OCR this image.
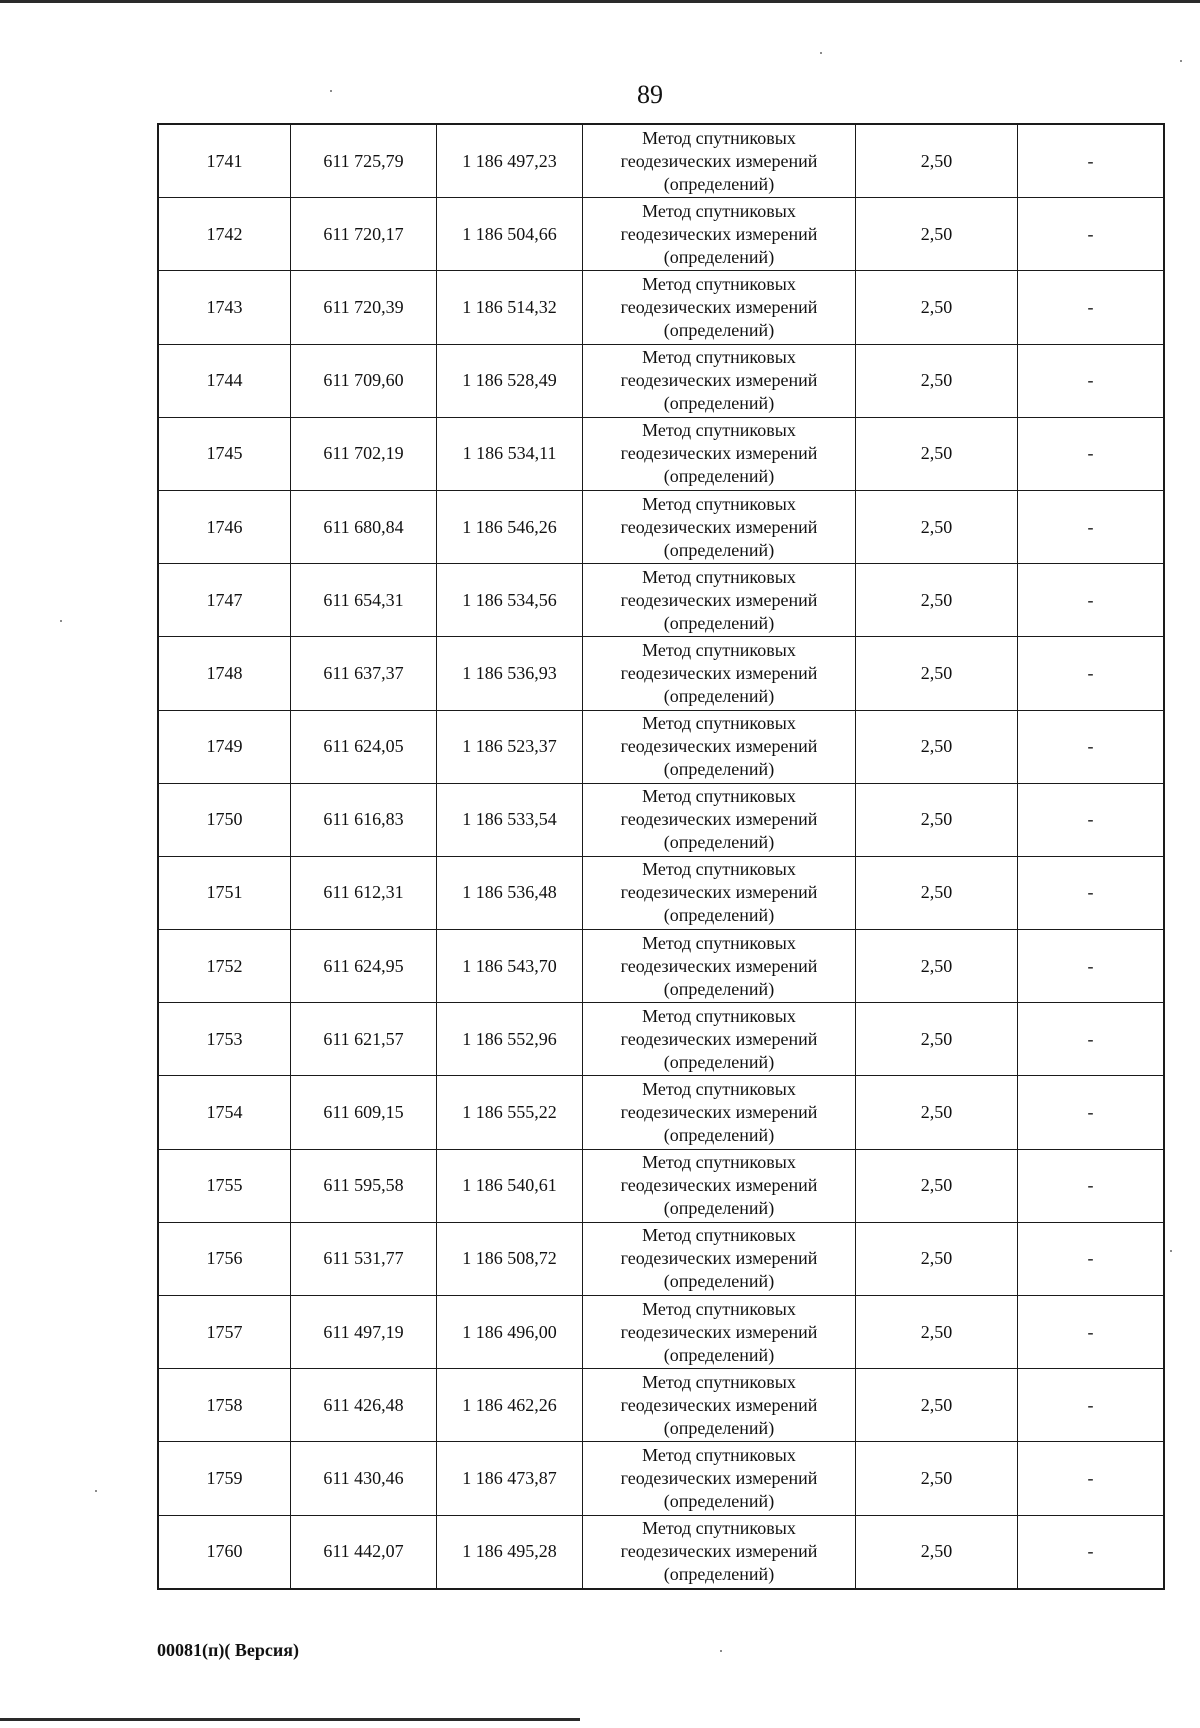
89
1741	611 725,79	1 186 497,23	Метод спутниковых
геодезических измерений
(определений)	2,50	-
1742	611 720,17	1 186 504,66	Метод спутниковых
геодезических измерений
(определений)	2,50	-
1743	611 720,39	1 186 514,32	Метод спутниковых
геодезических измерений
(определений)	2,50	-
1744	611 709,60	1 186 528,49	Метод спутниковых
геодезических измерений
(определений)	2,50	-
1745	611 702,19	1 186 534,11	Метод спутниковых
геодезических измерений
(определений)	2,50	-
1746	611 680,84	1 186 546,26	Метод спутниковых
геодезических измерений
(определений)	2,50	-
1747	611 654,31	1 186 534,56	Метод спутниковых
геодезических измерений
(определений)	2,50	-
1748	611 637,37	1 186 536,93	Метод спутниковых
геодезических измерений
(определений)	2,50	-
1749	611 624,05	1 186 523,37	Метод спутниковых
геодезических измерений
(определений)	2,50	-
1750	611 616,83	1 186 533,54	Метод спутниковых
геодезических измерений
(определений)	2,50	-
1751	611 612,31	1 186 536,48	Метод спутниковых
геодезических измерений
(определений)	2,50	-
1752	611 624,95	1 186 543,70	Метод спутниковых
геодезических измерений
(определений)	2,50	-
1753	611 621,57	1 186 552,96	Метод спутниковых
геодезических измерений
(определений)	2,50	-
1754	611 609,15	1 186 555,22	Метод спутниковых
геодезических измерений
(определений)	2,50	-
1755	611 595,58	1 186 540,61	Метод спутниковых
геодезических измерений
(определений)	2,50	-
1756	611 531,77	1 186 508,72	Метод спутниковых
геодезических измерений
(определений)	2,50	-
1757	611 497,19	1 186 496,00	Метод спутниковых
геодезических измерений
(определений)	2,50	-
1758	611 426,48	1 186 462,26	Метод спутниковых
геодезических измерений
(определений)	2,50	-
1759	611 430,46	1 186 473,87	Метод спутниковых
геодезических измерений
(определений)	2,50	-
1760	611 442,07	1 186 495,28	Метод спутниковых
геодезических измерений
(определений)	2,50	-
00081(п)( Версия)
